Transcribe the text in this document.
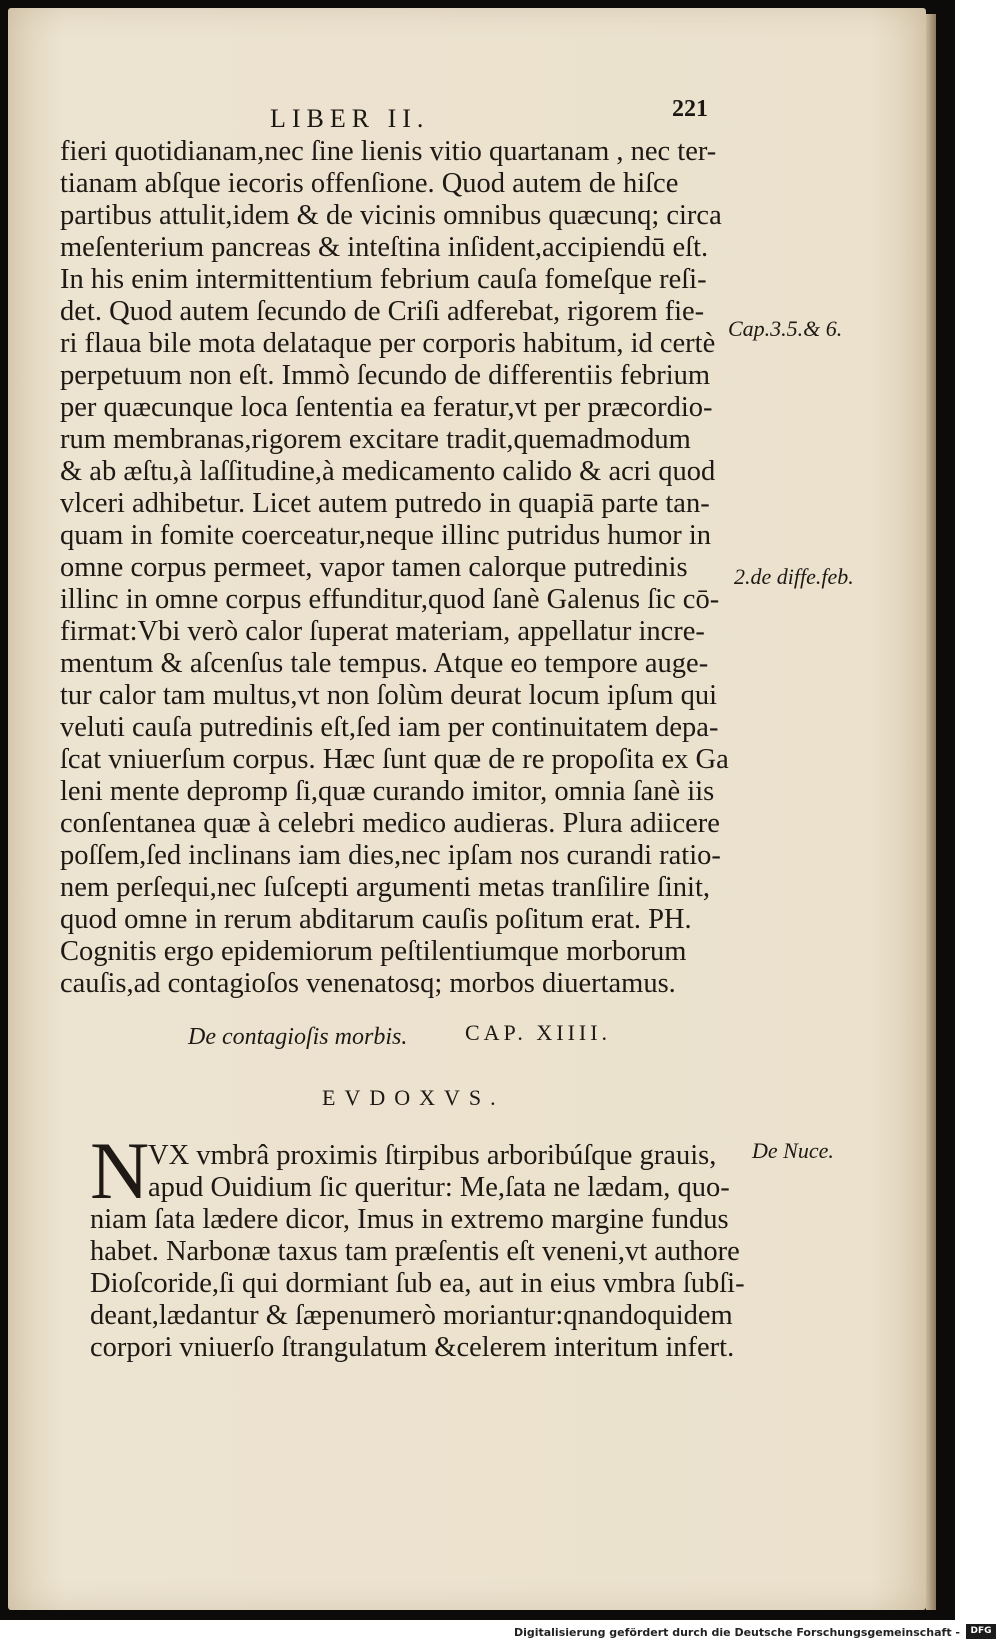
LIBER II.	221
fieri quotidianam,nec ſine lienis vitio quartanam , nec ter-
tianam abſque iecoris offenſione. Quod autem de hiſce
partibus attulit,idem & de vicinis omnibus quæcunq; circa
meſenterium pancreas & inteſtina inſident,accipiendū eſt.
In his enim intermittentium febrium cauſa fomeſque reſi-
det. Quod autem ſecundo de Criſi adferebat, rigorem fie-
ri flaua bile mota delataque per corporis habitum, id certè
perpetuum non eſt. Immò ſecundo de differentiis febrium
per quæcunque loca ſententia ea feratur,vt per præcordio-
rum membranas,rigorem excitare tradit,quemadmodum
& ab æſtu,à laſſitudine,à medicamento calido & acri quod
vlceri adhibetur. Licet autem putredo in quapiā parte tan-
quam in fomite coerceatur,neque illinc putridus humor in
omne corpus permeet, vapor tamen calorque putredinis
illinc in omne corpus effunditur,quod ſanè Galenus ſic cō-
firmat:Vbi verò calor ſuperat materiam, appellatur incre-
mentum & aſcenſus tale tempus. Atque eo tempore auge-
tur calor tam multus,vt non ſolùm deurat locum ipſum qui
veluti cauſa putredinis eſt,ſed iam per continuitatem depa-
ſcat vniuerſum corpus. Hæc ſunt quæ de re propoſita ex Ga
leni mente depromp ſi,quæ curando imitor, omnia ſanè iis
conſentanea quæ à celebri medico audieras. Plura adiicere
poſſem,ſed inclinans iam dies,nec ipſam nos curandi ratio-
nem perſequi,nec ſuſcepti argumenti metas tranſilire ſinit,
quod omne in rerum abditarum cauſis poſitum erat. PH.
Cognitis ergo epidemiorum peſtilentiumque morborum
cauſis,ad contagioſos venenatosq; morbos diuertamus.
Cap.3.5.& 6.
2.de diffe.feb.
De Nuce.
De contagioſis morbis.	CAP. XIIII.
EVDOXVS.
N
VX vmbrâ proximis ſtirpibus arboribúſque grauis,
apud Ouidium ſic queritur: Me,ſata ne lædam, quo-
niam ſata lædere dicor, Imus in extremo margine fundus
habet. Narbonæ taxus tam præſentis eſt veneni,vt authore
Dioſcoride,ſi qui dormiant ſub ea, aut in eius vmbra ſubſi-
deant,lædantur & ſæpenumerò moriantur:qnandoquidem
corpori vniuerſo ſtrangulatum &celerem interitum infert.
Digitalisierung gefördert durch die Deutsche Forschungsgemeinschaft -	DFG
